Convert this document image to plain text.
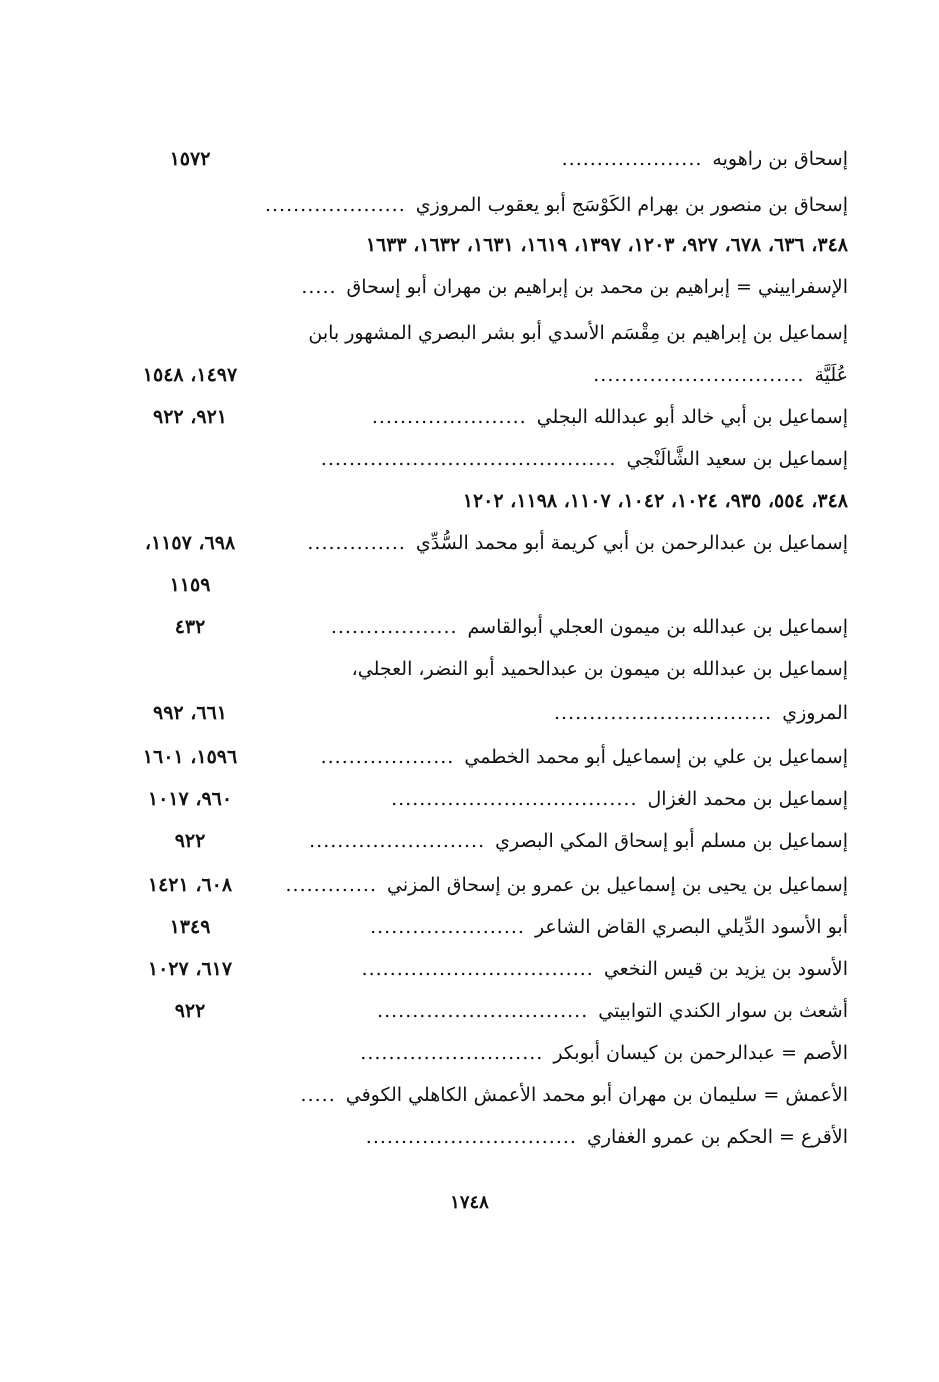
إسحاق بن راهويه
....................
١٥٧٢
إسحاق بن منصور بن بهرام الكَوْسَج أبو يعقوب المروزي
....................
٣٤٨، ٦٣٦، ٦٧٨، ٩٢٧، ١٢٠٣، ١٣٩٧، ١٦١٩، ١٦٣١، ١٦٣٢، ١٦٣٣
الإسفراييني = إبراهيم بن محمد بن إبراهيم بن مهران أبو إسحاق
.....
إسماعيل بن إبراهيم بن مِقْسَم الأسدي أبو بشر البصري المشهور بابن
عُلَيَّة
..............................
١٤٩٧، ١٥٤٨
إسماعيل بن أبي خالد أبو عبدالله البجلي
......................
٩٢١، ٩٢٢
إسماعيل بن سعيد الشَّالَنْجي
..........................................
٣٤٨، ٥٥٤، ٩٣٥، ١٠٢٤، ١٠٤٢، ١١٠٧، ١١٩٨، ١٢٠٢
إسماعيل بن عبدالرحمن بن أبي كريمة أبو محمد السُّدِّي
..............
٦٩٨، ١١٥٧،
١١٥٩
إسماعيل بن عبدالله بن ميمون العجلي أبوالقاسم
..................
٤٣٢
إسماعيل بن عبدالله بن ميمون بن عبدالحميد أبو النضر، العجلي،
المروزي
...............................
٦٦١، ٩٩٢
إسماعيل بن علي بن إسماعيل أبو محمد الخطمي
...................
١٥٩٦، ١٦٠١
إسماعيل بن محمد الغزال
...................................
٩٦٠، ١٠١٧
إسماعيل بن مسلم أبو إسحاق المكي البصري
.........................
٩٢٢
إسماعيل بن يحيى بن إسماعيل بن عمرو بن إسحاق المزني
.............
٦٠٨، ١٤٢١
أبو الأسود الدِّيلي البصري القاض الشاعر
......................
١٣٤٩
الأسود بن يزيد بن قيس النخعي
.................................
٦١٧، ١٠٢٧
أشعث بن سوار الكندي التوابيتي
..............................
٩٢٢
الأصم = عبدالرحمن بن كيسان أبوبكر
..........................
الأعمش = سليمان بن مهران أبو محمد الأعمش الكاهلي الكوفي
.....
الأقرع = الحكم بن عمرو الغفاري
..............................
١٧٤٨
